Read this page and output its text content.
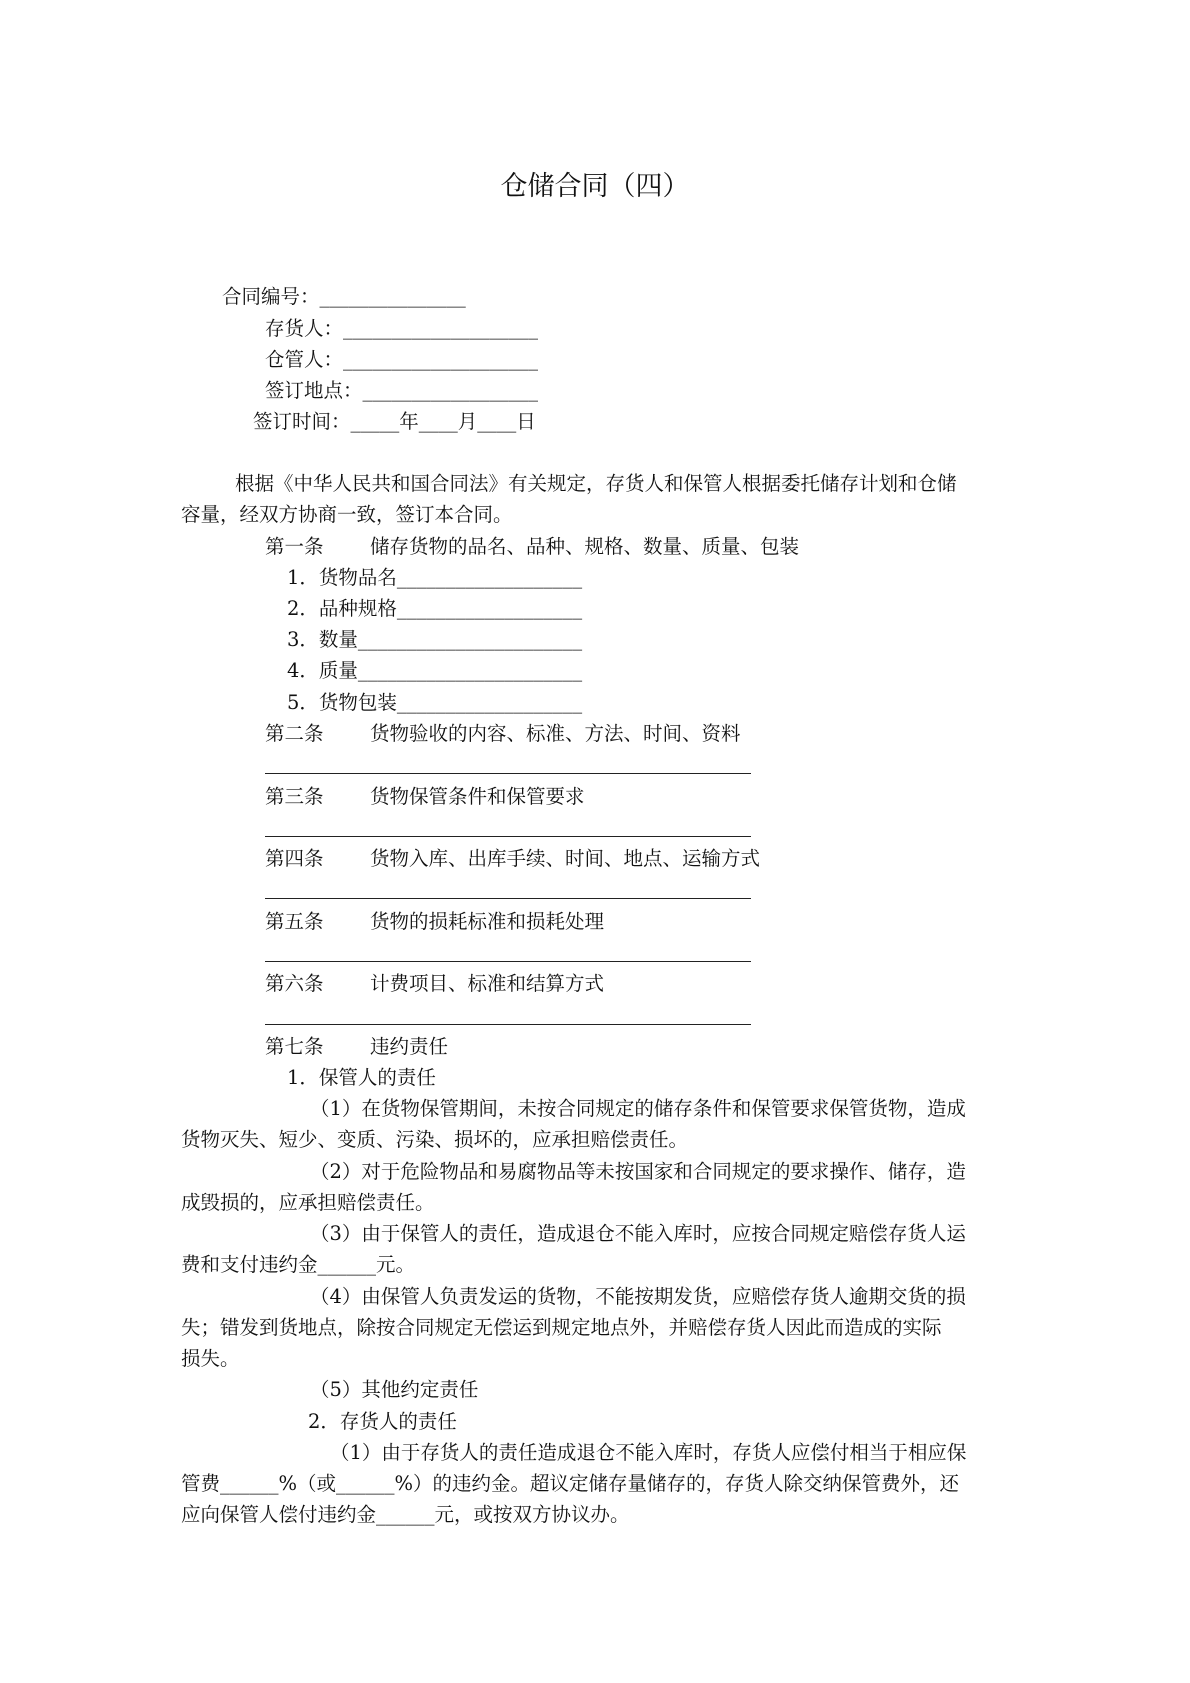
仓储合同（四）
合同编号：_______________
存货人：____________________
仓管人：____________________
签订地点：__________________
签订时间：_____年____月____日
根据《中华人民共和国合同法》有关规定，存货人和保管人根据委托储存计划和仓储
容量，经双方协商一致，签订本合同。
第一条 储存货物的品名、品种、规格、数量、质量、包装
1．货物品名___________________
2．品种规格___________________
3．数量_______________________
4．质量_______________________
5．货物包装___________________
第二条 货物验收的内容、标准、方法、时间、资料
第三条 货物保管条件和保管要求
第四条 货物入库、出库手续、时间、地点、运输方式
第五条 货物的损耗标准和损耗处理
第六条 计费项目、标准和结算方式
第七条 违约责任
1．保管人的责任
（1）在货物保管期间，未按合同规定的储存条件和保管要求保管货物，造成
货物灭失、短少、变质、污染、损坏的，应承担赔偿责任。
（2）对于危险物品和易腐物品等未按国家和合同规定的要求操作、储存，造
成毁损的，应承担赔偿责任。
（3）由于保管人的责任，造成退仓不能入库时，应按合同规定赔偿存货人运
费和支付违约金______元。
（4）由保管人负责发运的货物，不能按期发货，应赔偿存货人逾期交货的损
失；错发到货地点，除按合同规定无偿运到规定地点外，并赔偿存货人因此而造成的实际
损失。
（5）其他约定责任
2．存货人的责任
（1）由于存货人的责任造成退仓不能入库时，存货人应偿付相当于相应保
管费______%（或______%）的违约金。超议定储存量储存的，存货人除交纳保管费外，还
应向保管人偿付违约金______元，或按双方协议办。
